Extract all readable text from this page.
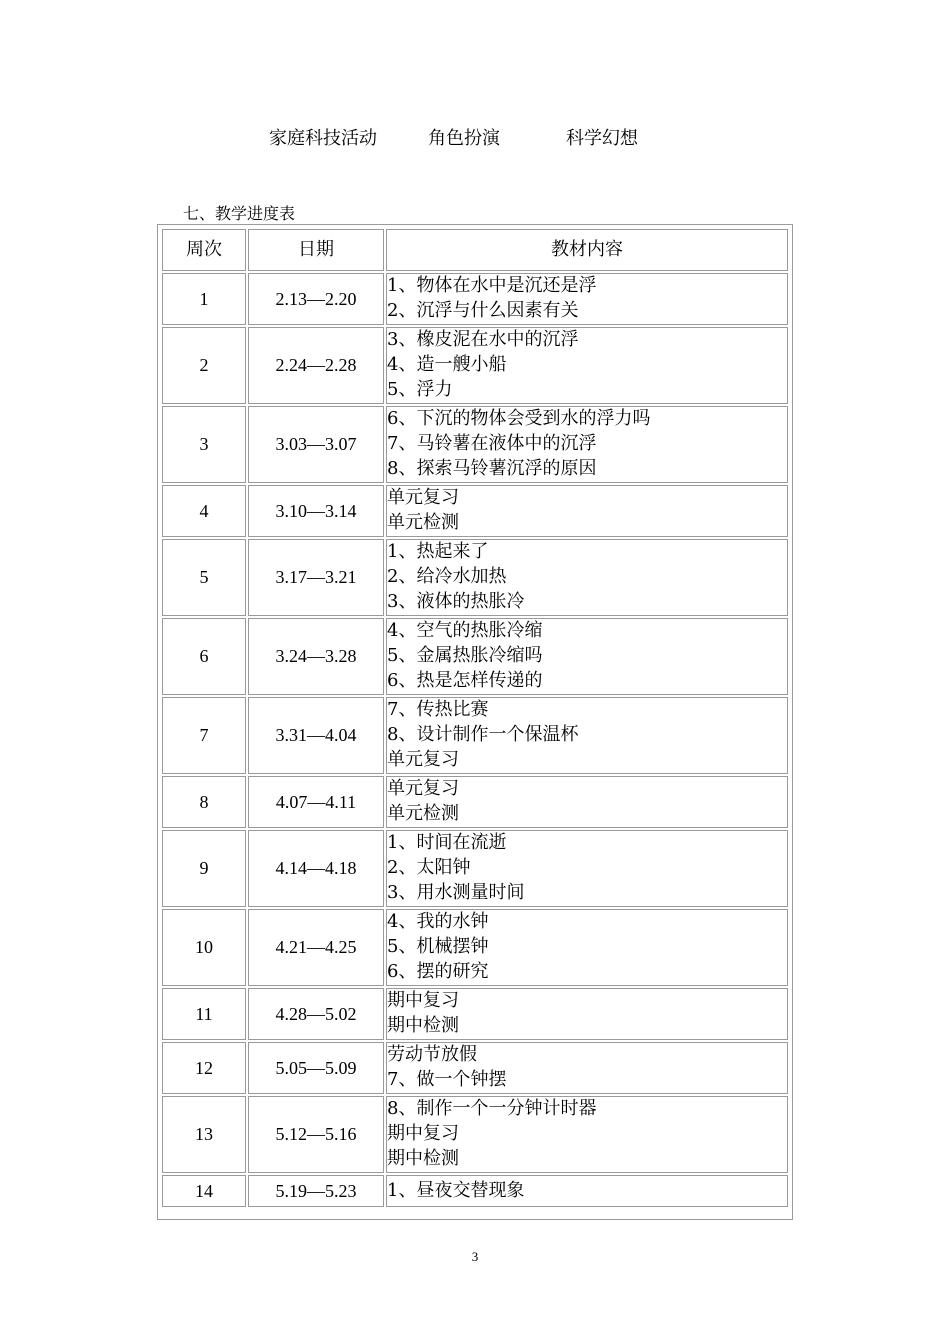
家庭科技活动	角色扮演	科学幻想
七、教学进度表
周次	日期	教材内容
1	2.13—2.20	1、物体在水中是沉还是浮
2、沉浮与什么因素有关

2	2.24—2.28	3、橡皮泥在水中的沉浮
4、造一艘小船
5、浮力

3	3.03—3.07	6、下沉的物体会受到水的浮力吗
7、马铃薯在液体中的沉浮
8、探索马铃薯沉浮的原因

4	3.10—3.14	单元复习
单元检测

5	3.17—3.21	1、热起来了
2、给冷水加热
3、液体的热胀冷

6	3.24—3.28	4、空气的热胀冷缩
5、金属热胀冷缩吗
6、热是怎样传递的

7	3.31—4.04	7、传热比赛
8、设计制作一个保温杯
单元复习

8	4.07—4.11	单元复习
单元检测

9	4.14—4.18	1、时间在流逝
2、太阳钟
3、用水测量时间

10	4.21—4.25	4、我的水钟
5、机械摆钟
6、摆的研究

11	4.28—5.02	期中复习
期中检测

12	5.05—5.09	劳动节放假
7、做一个钟摆

13	5.12—5.16	8、制作一个一分钟计时器
期中复习
期中检测

14	5.19—5.23	1、昼夜交替现象
3
